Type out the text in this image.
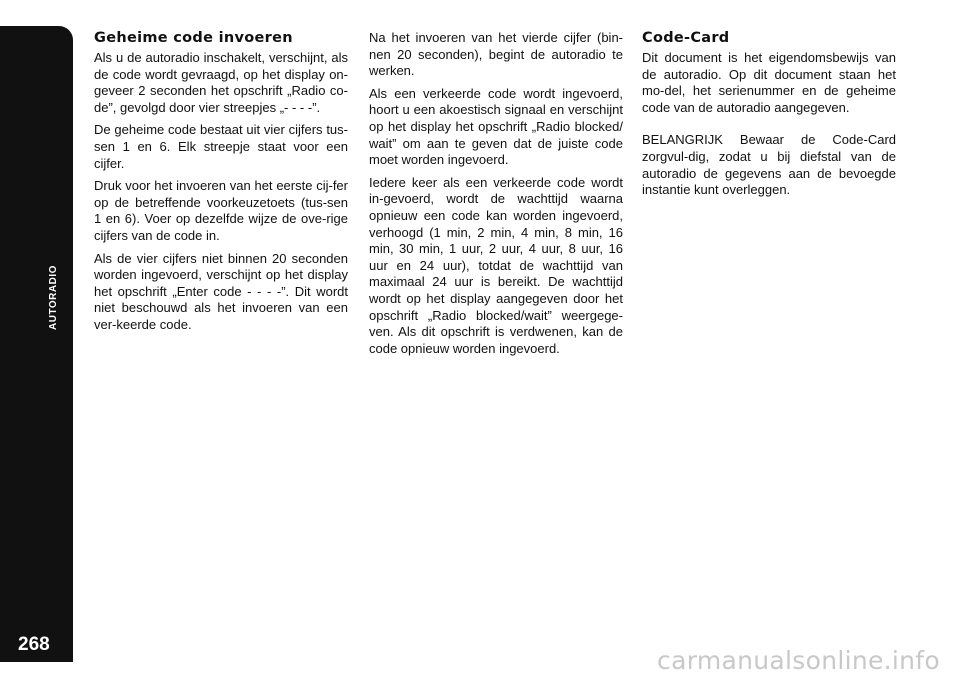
AUTORADIO
268
Geheime code invoeren

Als u de autoradio inschakelt, verschijnt, als de code wordt gevraagd, op het display on-geveer 2 seconden het opschrift „Radio co-de”, gevolgd door vier streepjes „- - - -”.

De geheime code bestaat uit vier cijfers tus-sen 1 en 6. Elk streepje staat voor een cijfer.

Druk voor het invoeren van het eerste cij-fer op de betreffende voorkeuzetoets (tus-sen 1 en 6). Voer op dezelfde wijze de ove-rige cijfers van de code in.

Als de vier cijfers niet binnen 20 seconden worden ingevoerd, verschijnt op het display het opschrift „Enter code - - - -”. Dit wordt niet beschouwd als het invoeren van een ver-keerde code.

Na het invoeren van het vierde cijfer (bin-nen 20 seconden), begint de autoradio te werken.

Als een verkeerde code wordt ingevoerd, hoort u een akoestisch signaal en verschijnt op het display het opschrift „Radio blocked/ wait” om aan te geven dat de juiste code moet worden ingevoerd.

Iedere keer als een verkeerde code wordt in-gevoerd, wordt de wachttijd waarna opnieuw een code kan worden ingevoerd, verhoogd (1 min, 2 min, 4 min, 8 min, 16 min, 30 min, 1 uur, 2 uur, 4 uur, 8 uur, 16 uur en 24 uur), totdat de wachttijd van maximaal 24 uur is bereikt. De wachttijd wordt op het display aangegeven door het opschrift „Radio blocked/wait” weergege-ven. Als dit opschrift is verdwenen, kan de code opnieuw worden ingevoerd.

Code-Card

Dit document is het eigendomsbewijs van de autoradio. Op dit document staan het mo-del, het serienummer en de geheime code van de autoradio aangegeven.

BELANGRIJK Bewaar de Code-Card zorgvul-dig, zodat u bij diefstal van de autoradio de gegevens aan de bevoegde instantie kunt overleggen.

carmanualsonline.info
